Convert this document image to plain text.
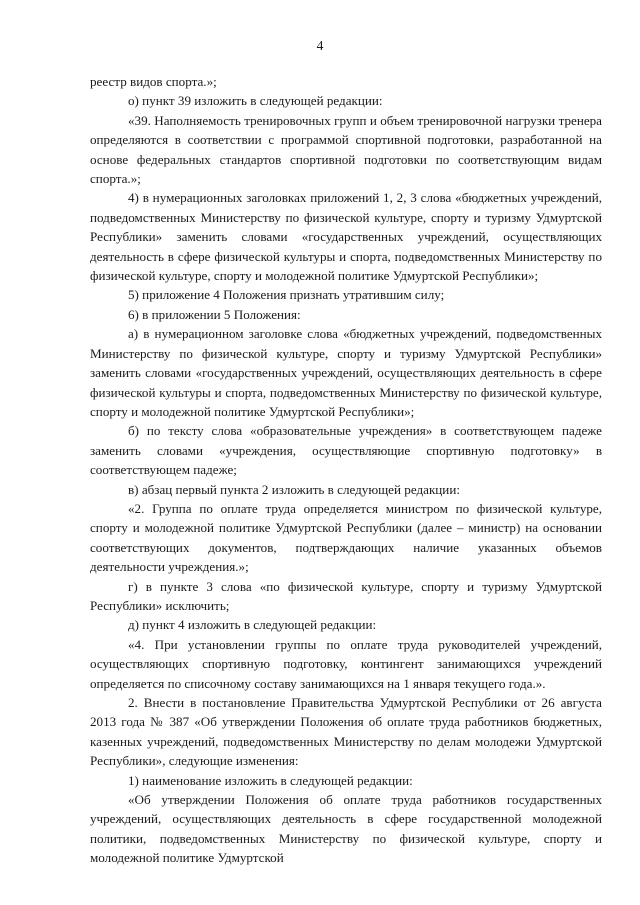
4

реестр видов спорта.»;

о) пункт 39 изложить в следующей редакции:

«39. Наполняемость тренировочных групп и объем тренировочной нагрузки тренера определяются в соответствии с программой спортивной подготовки, разработанной на основе федеральных стандартов спортивной подготовки по соответствующим видам спорта.»;

4) в нумерационных заголовках приложений 1, 2, 3 слова «бюджетных учреждений, подведомственных Министерству по физической культуре, спорту и туризму Удмуртской Республики» заменить словами «государственных учреждений, осуществляющих деятельность в сфере физической культуры и спорта, подведомственных Министерству по физической культуре, спорту и молодежной политике Удмуртской Республики»;

5) приложение 4 Положения признать утратившим силу;

6) в приложении 5 Положения:

а) в нумерационном заголовке слова «бюджетных учреждений, подведомственных Министерству по физической культуре, спорту и туризму Удмуртской Республики» заменить словами «государственных учреждений, осуществляющих деятельность в сфере физической культуры и спорта, подведомственных Министерству по физической культуре, спорту и молодежной политике Удмуртской Республики»;

б) по тексту слова «образовательные учреждения» в соответствующем падеже заменить словами «учреждения, осуществляющие спортивную подготовку» в соответствующем падеже;

в) абзац первый пункта 2 изложить в следующей редакции:

«2. Группа по оплате труда определяется министром по физической культуре, спорту и молодежной политике Удмуртской Республики (далее – министр) на основании соответствующих документов, подтверждающих наличие указанных объемов деятельности учреждения.»;

г) в пункте 3 слова «по физической культуре, спорту и туризму Удмуртской Республики» исключить;

д) пункт 4 изложить в следующей редакции:

«4. При установлении группы по оплате труда руководителей учреждений, осуществляющих спортивную подготовку, контингент занимающихся учреждений определяется по списочному составу занимающихся на 1 января текущего года.».

2. Внести в постановление Правительства Удмуртской Республики от 26 августа 2013 года № 387 «Об утверждении Положения об оплате труда работников бюджетных, казенных учреждений, подведомственных Министерству по делам молодежи Удмуртской Республики», следующие изменения:

1) наименование изложить в следующей редакции:

«Об утверждении Положения об оплате труда работников государственных учреждений, осуществляющих деятельность в сфере государственной молодежной политики, подведомственных Министерству по физической культуре, спорту и молодежной политике Удмуртской
